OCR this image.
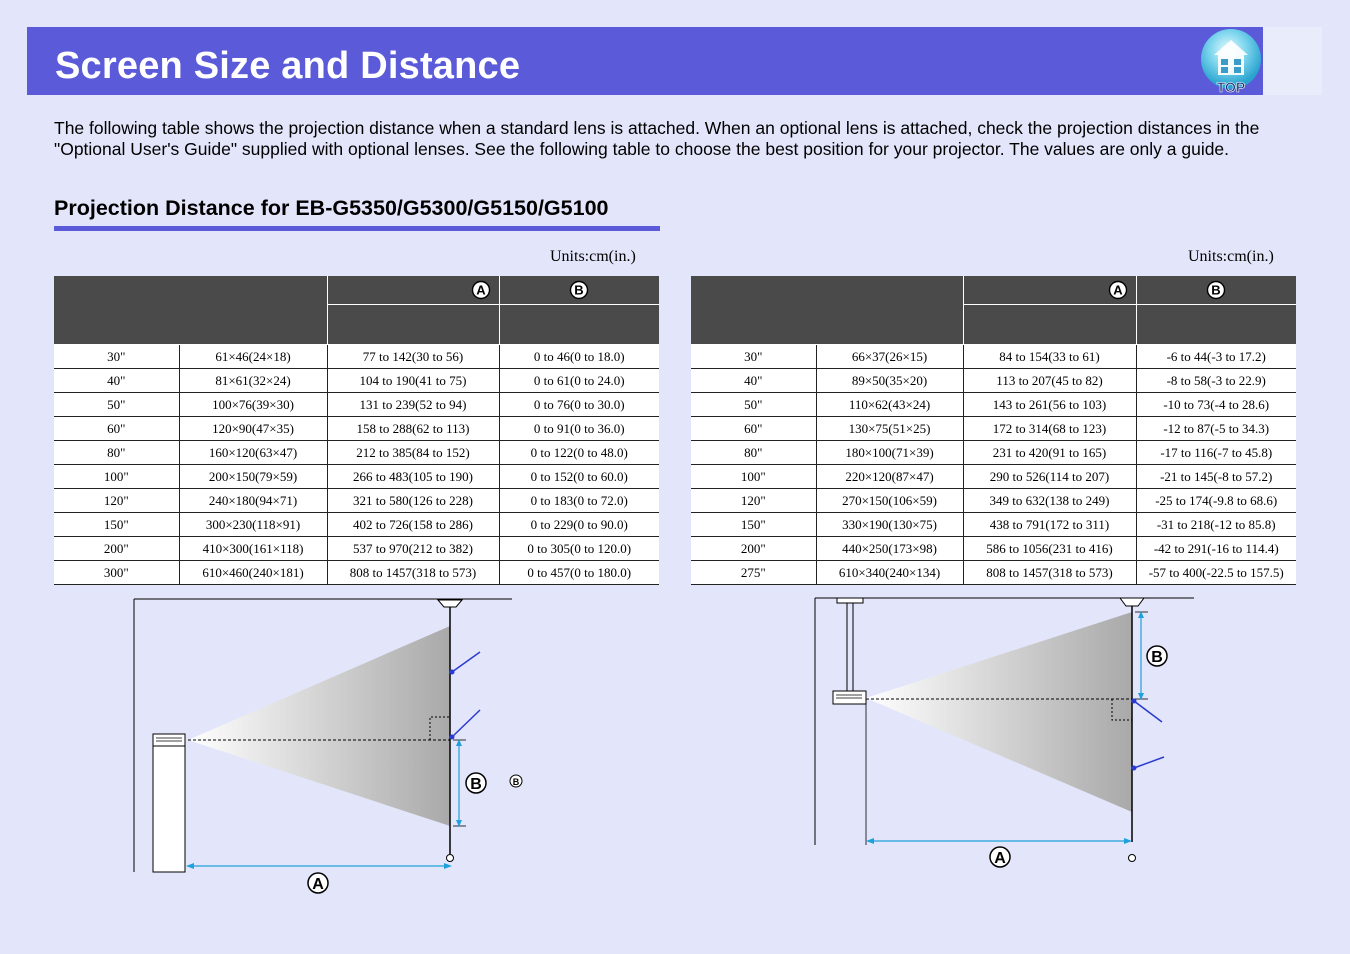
Screen Size and Distance	TOP
The following table shows the projection distance when a standard lens is attached. When an optional lens is attached, check the projection distances in the "Optional User's Guide" supplied with optional lenses. See the following table to choose the best position for your projector. The values are only a guide.
Projection Distance for EB-G5350/G5300/G5150/G5100
Units:cm(in.)	Units:cm(in.)

A	B

30"	61×46(24×18)	77 to 142(30 to 56)	0 to 46(0 to 18.0)
40"	81×61(32×24)	104 to 190(41 to 75)	0 to 61(0 to 24.0)
50"	100×76(39×30)	131 to 239(52 to 94)	0 to 76(0 to 30.0)
60"	120×90(47×35)	158 to 288(62 to 113)	0 to 91(0 to 36.0)
80"	160×120(63×47)	212 to 385(84 to 152)	0 to 122(0 to 48.0)
100"	200×150(79×59)	266 to 483(105 to 190)	0 to 152(0 to 60.0)
120"	240×180(94×71)	321 to 580(126 to 228)	0 to 183(0 to 72.0)
150"	300×230(118×91)	402 to 726(158 to 286)	0 to 229(0 to 90.0)
200"	410×300(161×118)	537 to 970(212 to 382)	0 to 305(0 to 120.0)
300"	610×460(240×181)	808 to 1457(318 to 573)	0 to 457(0 to 180.0)

A	B

30"	66×37(26×15)	84 to 154(33 to 61)	-6 to 44(-3 to 17.2)
40"	89×50(35×20)	113 to 207(45 to 82)	-8 to 58(-3 to 22.9)
50"	110×62(43×24)	143 to 261(56 to 103)	-10 to 73(-4 to 28.6)
60"	130×75(51×25)	172 to 314(68 to 123)	-12 to 87(-5 to 34.3)
80"	180×100(71×39)	231 to 420(91 to 165)	-17 to 116(-7 to 45.8)
100"	220×120(87×47)	290 to 526(114 to 207)	-21 to 145(-8 to 57.2)
120"	270×150(106×59)	349 to 632(138 to 249)	-25 to 174(-9.8 to 68.6)
150"	330×190(130×75)	438 to 791(172 to 311)	-31 to 218(-12 to 85.8)
200"	440×250(173×98)	586 to 1056(231 to 416)	-42 to 291(-16 to 114.4)
275"	610×340(240×134)	808 to 1457(318 to 573)	-57 to 400(-22.5 to 157.5)
B	B
A
B
A
